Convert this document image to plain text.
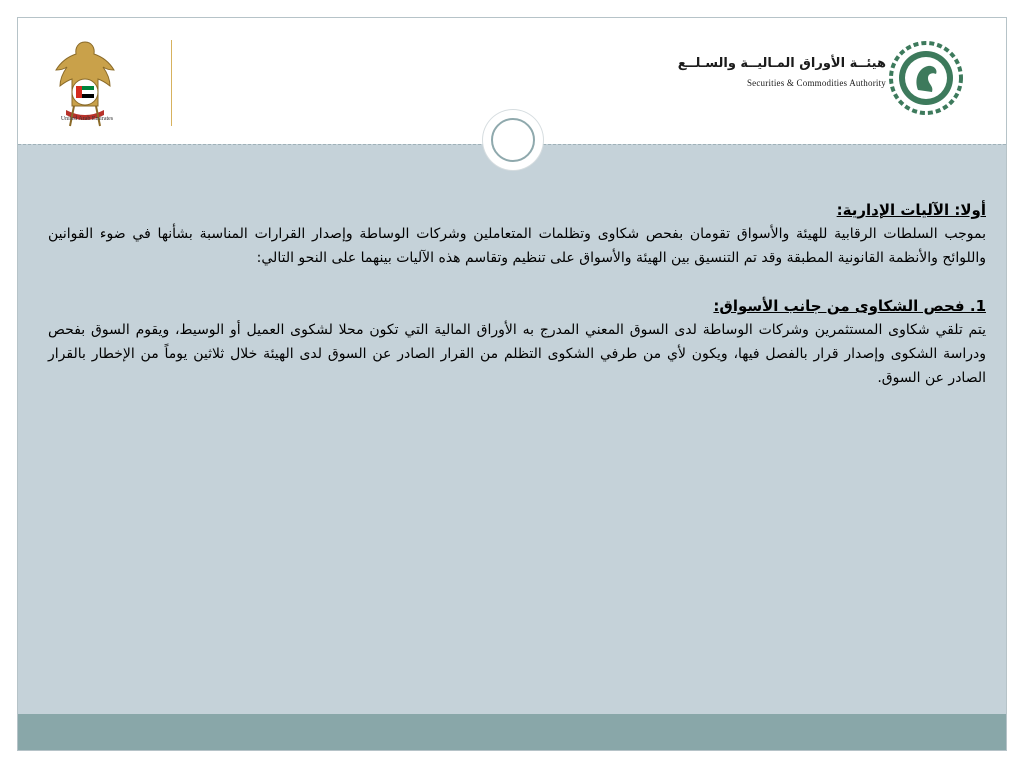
United Arab Emirates
هيئــة الأوراق المـاليــة والسـلــع
Securities & Commodities Authority

أولا: الآليات الإدارية:

بموجب السلطات الرقابية للهيئة والأسواق تقومان بفحص شكاوى وتظلمات المتعاملين وشركات الوساطة وإصدار القرارات المناسبة بشأنها في ضوء القوانين واللوائح والأنظمة القانونية المطبقة وقد تم التنسيق بين الهيئة والأسواق على تنظيم وتقاسم هذه الآليات بينهما على النحو التالي:

1. فحص الشكاوى من جانب الأسواق:

يتم تلقي شكاوى المستثمرين وشركات الوساطة لدى السوق المعني المدرج به الأوراق المالية التي تكون محلا لشكوى العميل أو الوسيط، ويقوم السوق بفحص ودراسة الشكوى وإصدار قرار بالفصل فيها، ويكون لأي من طرفي الشكوى التظلم من القرار الصادر عن السوق لدى الهيئة خلال ثلاثين يوماً من الإخطار بالقرار الصادر عن السوق.
